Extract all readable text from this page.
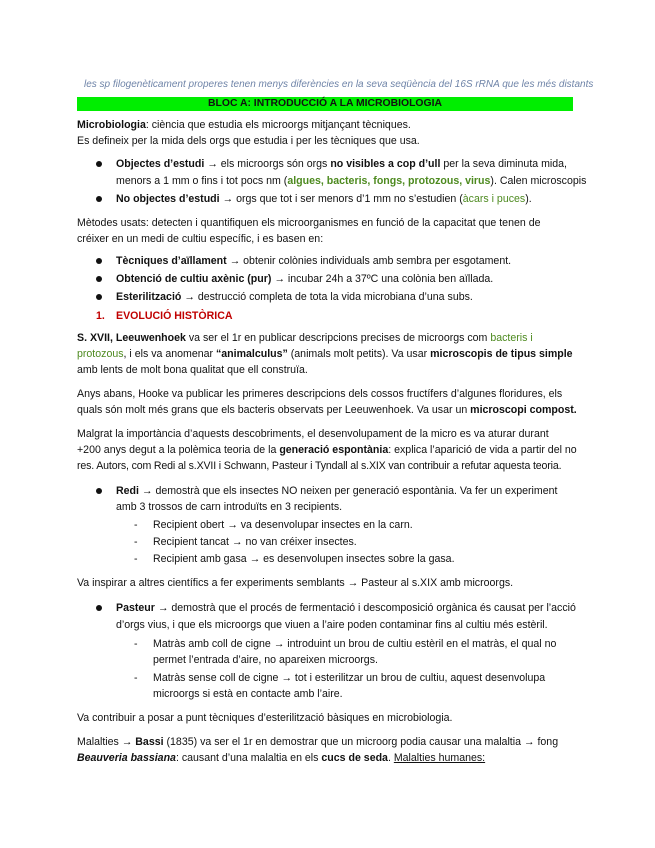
les sp filogenèticament properes tenen menys diferències en la seva seqüència del 16S rRNA que les més distants
BLOC A: INTRODUCCIÓ A LA MICROBIOLOGIA
Microbiologia: ciència que estudia els microorgs mitjançant tècniques.
Es defineix per la mida dels orgs que estudia i per les tècniques que usa.
Objectes d’estudi → els microorgs són orgs no visibles a cop d’ull per la seva diminuta mida,
menors a 1 mm o fins i tot pocs nm (algues, bacteris, fongs, protozous, virus). Calen microscopis
No objectes d’estudi → orgs que tot i ser menors d’1 mm no s’estudien (àcars i puces).
Mètodes usats: detecten i quantifiquen els microorganismes en funció de la capacitat que tenen de
créixer en un medi de cultiu específic, i es basen en:
Tècniques d’aïllament → obtenir colònies individuals amb sembra per esgotament.
Obtenció de cultiu axènic (pur) → incubar 24h a 37ºC una colònia ben aïllada.
Esterilització → destrucció completa de tota la vida microbiana d’una subs.
1. EVOLUCIÓ HISTÒRICA
S. XVII, Leeuwenhoek va ser el 1r en publicar descripcions precises de microorgs com bacteris i
protozous, i els va anomenar “animalculus” (animals molt petits). Va usar microscopis de tipus simple
amb lents de molt bona qualitat que ell construïa.
Anys abans, Hooke va publicar les primeres descripcions dels cossos fructífers d’algunes floridures, els
quals són molt més grans que els bacteris observats per Leeuwenhoek. Va usar un microscopi compost.
Malgrat la importància d’aquests descobriments, el desenvolupament de la micro es va aturar durant
+200 anys degut a la polèmica teoria de la generació espontània: explica l’aparició de vida a partir del no
res. Autors, com Redi al s.XVII i Schwann, Pasteur i Tyndall al s.XIX van contribuir a refutar aquesta teoria.
Redi → demostrà que els insectes NO neixen per generació espontània. Va fer un experiment
amb 3 trossos de carn introduïts en 3 recipients.
- Recipient obert → va desenvolupar insectes en la carn.
- Recipient tancat → no van créixer insectes.
- Recipient amb gasa → es desenvolupen insectes sobre la gasa.
Va inspirar a altres científics a fer experiments semblants → Pasteur al s.XIX amb microorgs.
Pasteur → demostrà que el procés de fermentació i descomposició orgànica és causat per l’acció
d’orgs vius, i que els microorgs que viuen a l’aire poden contaminar fins al cultiu més estèril.
- Matràs amb coll de cigne → introduint un brou de cultiu estèril en el matràs, el qual no
permet l’entrada d’aire, no apareixen microorgs.
- Matràs sense coll de cigne → tot i esterilitzar un brou de cultiu, aquest desenvolupa
microorgs si està en contacte amb l’aire.
Va contribuir a posar a punt tècniques d’esterilització bàsiques en microbiologia.
Malalties → Bassi (1835) va ser el 1r en demostrar que un microorg podia causar una malaltia → fong
Beauveria bassiana: causant d’una malaltia en els cucs de seda. Malalties humanes:
